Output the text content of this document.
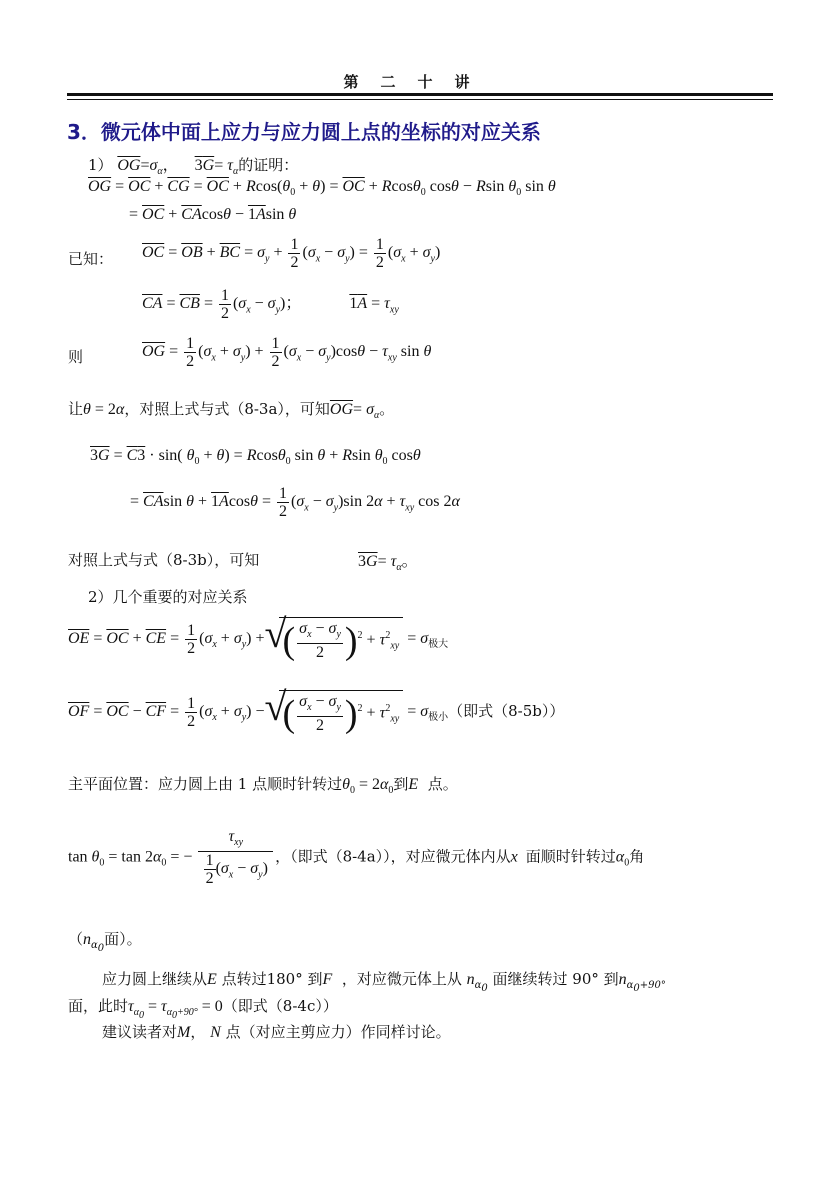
第二十讲
3．微元体中面上应力与应力圆上点的坐标的对应关系
1） $\overline{OG}=\sigma_\alpha$，    $3G= \tau_\alpha$的证明：
$\overline{OG} = \overline{OC} + \overline{CG} = \overline{OC} + Rcos(\theta_0 + \theta) = \overline{OC} + Rcos\theta_0$ cosθ − Rsin $\theta_0$ sin θ
= $\overline{OC} + \overline{CA}\cos\theta - 1Asin$ θ
已知： $\overline{OC} = \overline{OB} + \overline{BC} = \sigma_y + \frac{1}{2} (\sigma_x - \sigma_y) = \frac{1}{2} (\sigma_x + \sigma_y)$
$\overline{CA} = \overline{CB} = \frac{1}{2} (\sigma_x - \sigma_y)$；            $1A = \tau_{xy}$
则	$\overline{OG} = \frac{1}{2} (\sigma_x + \sigma_y) + \frac{1}{2} (\sigma_x - \sigma_y)\cos\theta - \tau_{xy}$ sin θ
让θ = 2α，对照上式与式（8-3a），可知$\overline{OG}= \sigma_\alpha$。
3G = C3 · sin( $\theta_0 + \theta) = Rcos\theta_0$ sin θ + Rsin $\theta_0$ cosθ
= $\overline{CA}\sin$ $\theta + 1Acos\theta = \frac{1}{2} (\sigma_x - \sigma_y)\sin$ $2\alpha + \tau_{xy}$ cos 2α
对照上式与式（8-3b），可知	$3G= \tau_\alpha$。
2）几个重要的对应关系
$\overline{OE} = \overline{OC} + \overline{CE} = \frac{1}{2} (\sigma_x + \sigma_y)$ + √ ( $\frac{\sigma_x - \sigma_y}{2} )^2 + \tau^2_{xy} = \sigma_{极大}$
$\overline{OF} = \overline{OC} - \overline{CF} = \frac{1}{2} (\sigma_x + \sigma_y)$ − √ ( $\frac{\sigma_x - \sigma_y}{2} )^2 + \tau^2_{xy} = \sigma_{极小}$（即式（8-5b））
主平面位置：应力圆上由 1 点顺时针转过$\theta_0 = 2\alpha_0$到E 点。
$\tan \theta_0 = \tan 2\alpha_0$ = − $\frac{\tau_{xy}}{\frac{1}{2} (\sigma_x - \sigma_y)}$ ，（即式（8-4a）），对应微元体内从x 面顺时针转过$\alpha_0$角
（$n_{\alpha_0}$面）。
应力圆上继续从E 点转过180° 到F ，对应微元体上从 $n_{\alpha_0}$ 面继续转过 90° 到$n_{\alpha_0+90^\circ}$
面，此时$\tau_{\alpha_0} = \tau_{\alpha_0+90^\circ} = 0$（即式（8-4c））
建议读者对M， N 点（对应主剪应力）作同样讨论。
